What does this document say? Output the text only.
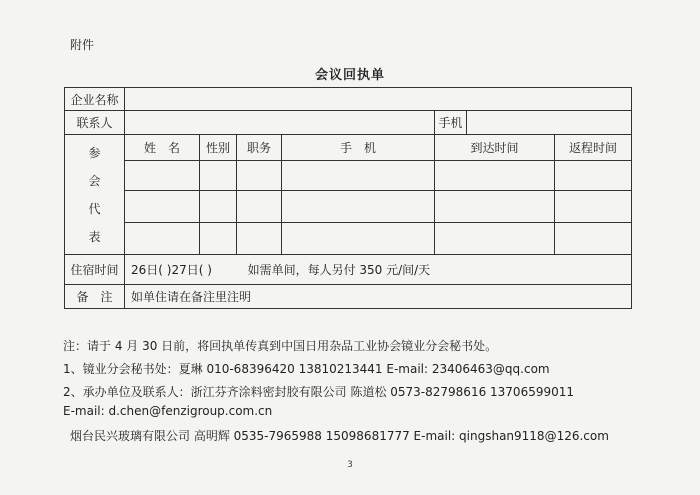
附件
会议回执单
企业名称							
联系人					手机		

参
会
代
表	姓　名	性别	职务	手　机	到达时间		返程时间

住宿时间	26日( )27日( ) 如需单间，每人另付 350 元/间/天						
备　注	如单住请在备注里注明						
注：请于 4 月 30 日前，将回执单传真到中国日用杂品工业协会镜业分会秘书处。
1、镜业分会秘书处：夏琳 010-68396420 13810213441 E-mail: 23406463@qq.com
2、承办单位及联系人：浙江芬齐涂料密封胶有限公司 陈道松 0573-82798616 13706599011
E-mail: d.chen@fenzigroup.com.cn
烟台民兴玻璃有限公司 高明辉 0535-7965988 15098681777 E-mail: qingshan9118@126.com
3
